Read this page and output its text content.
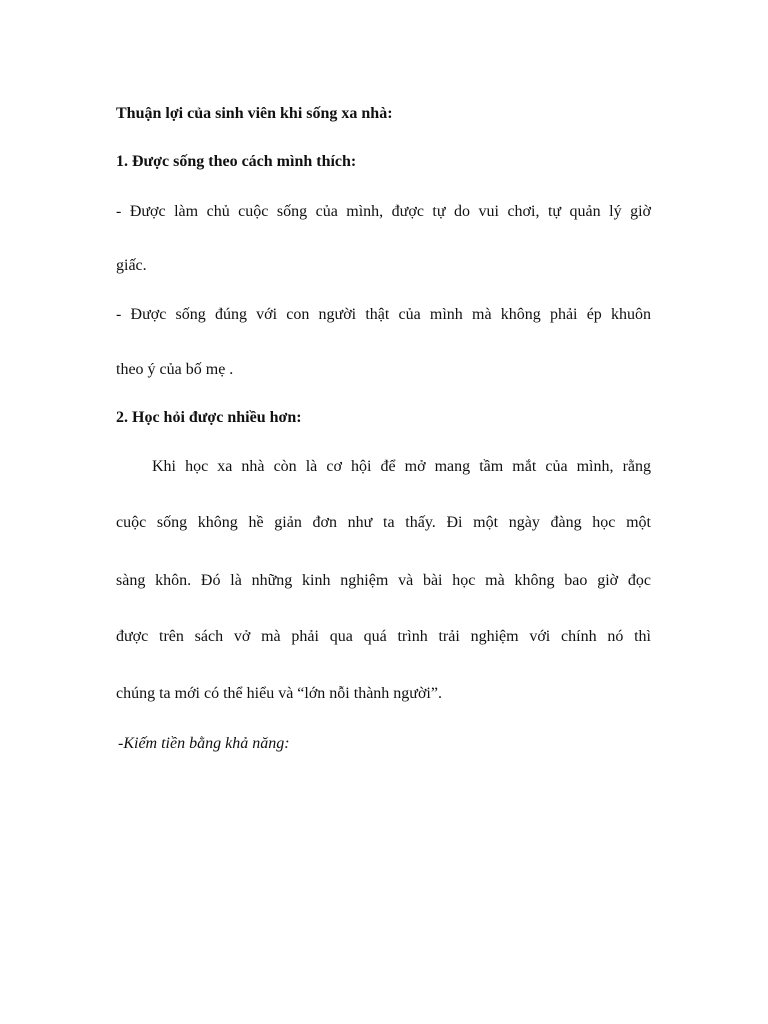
Thuận lợi của sinh viên khi sống xa nhà:
1. Được sống theo cách mình thích:
- Được làm chủ cuộc sống của mình, được tự do vui chơi, tự quản lý giờ
giấc.
- Được sống đúng với con người thật của mình mà không phải ép khuôn
theo ý của bố mẹ .
2. Học hỏi được nhiều hơn:
Khi học xa nhà còn là cơ hội để mở mang tầm mắt của mình, rằng
cuộc sống không hề giản đơn như ta thấy. Đi một ngày đàng học một
sàng khôn. Đó là những kinh nghiệm và bài học mà không bao giờ đọc
được trên sách vở mà phải qua quá trình trải nghiệm với chính nó thì
chúng ta mới có thể hiểu và “lớn nỗi thành người”.
-Kiếm tiền bằng khả năng:
